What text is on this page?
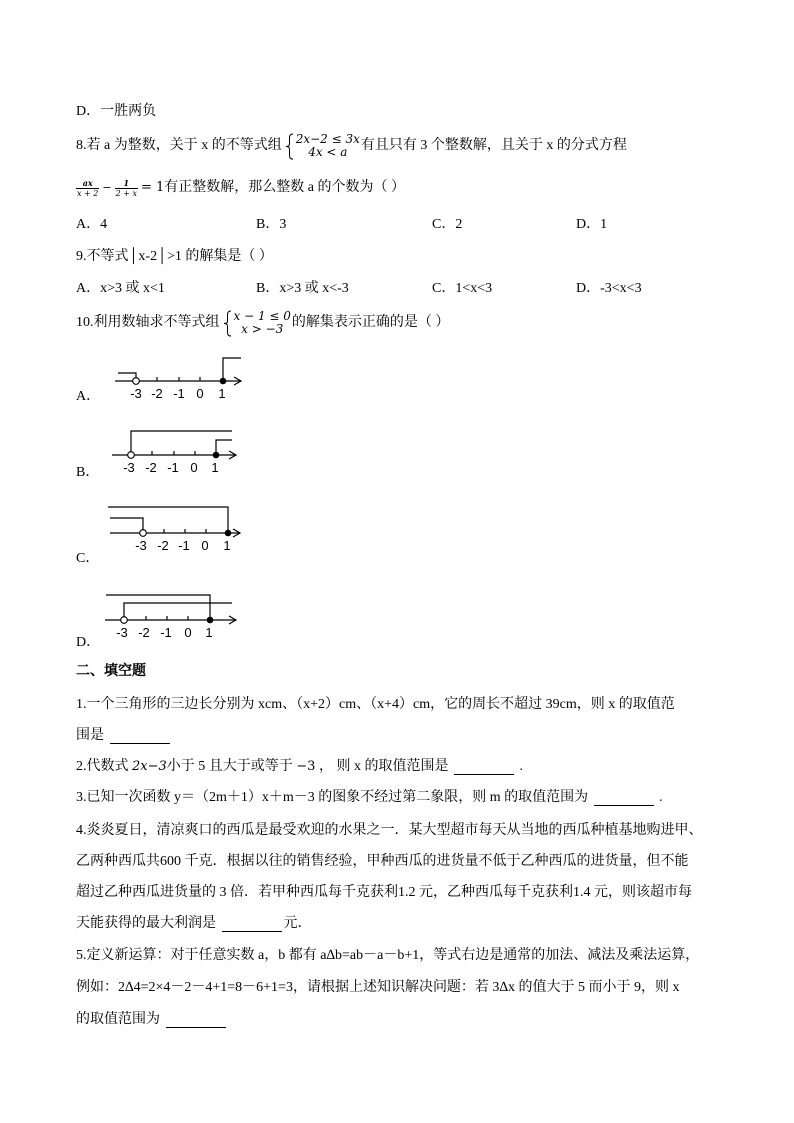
D．一胜两负
8.若 a 为整数，关于 x 的不等式组 2x−2 ≤ 3x
4x < a 有且只有 3 个整数解，且关于 x 的分式方程
$\frac{ax}{x + 2} - \frac{1}{2 + x} = 1$ 有正整数解，那么整数 a 的个数为（ ）
A．4	B．3	C．2	D．1
9.不等式│x-2│>1 的解集是（ ）
A．x>3 或 x<1	B．x>3 或 x<-3	C．1<x<3	D．-3<x<3
10.利用数轴求不等式组 x − 1 ≤ 0
x > −3 的解集表示正确的是（ ）
A． -3 -2 -1 0 1
B． -3 -2 -1 0 1
C．
-3 -2 -1 0 1
D．
-3 -2 -1 0 1
二、填空题
1.一个三角形的三边长分别为 xcm、（x+2）cm、（x+4）cm，它的周长不超过 39cm，则 x 的取值范
围是
2.代数式 2x−3 小于 5 且大于或等于 −3 ， 则 x 的取值范围是	.
3.已知一次函数 y＝（2m＋1）x＋m－3 的图象不经过第二象限，则 m 的取值范围为	.
4.炎炎夏日，清凉爽口的西瓜是最受欢迎的水果之一．某大型超市每天从当地的西瓜种植基地购进甲、
乙两种西瓜共600 千克．根据以往的销售经验，甲种西瓜的进货量不低于乙种西瓜的进货量，但不能
超过乙种西瓜进货量的 3 倍．若甲种西瓜每千克获利1.2 元，乙种西瓜每千克获利1.4 元，则该超市每
天能获得的最大利润是	元．
5.定义新运算：对于任意实数 a，b 都有 a∆b=ab－a－b+1，等式右边是通常的加法、减法及乘法运算，
例如：2∆4=2×4－2－4+1=8－6+1=3，请根据上述知识解决问题：若 3∆x 的值大于 5 而小于 9，则 x
的取值范围为
